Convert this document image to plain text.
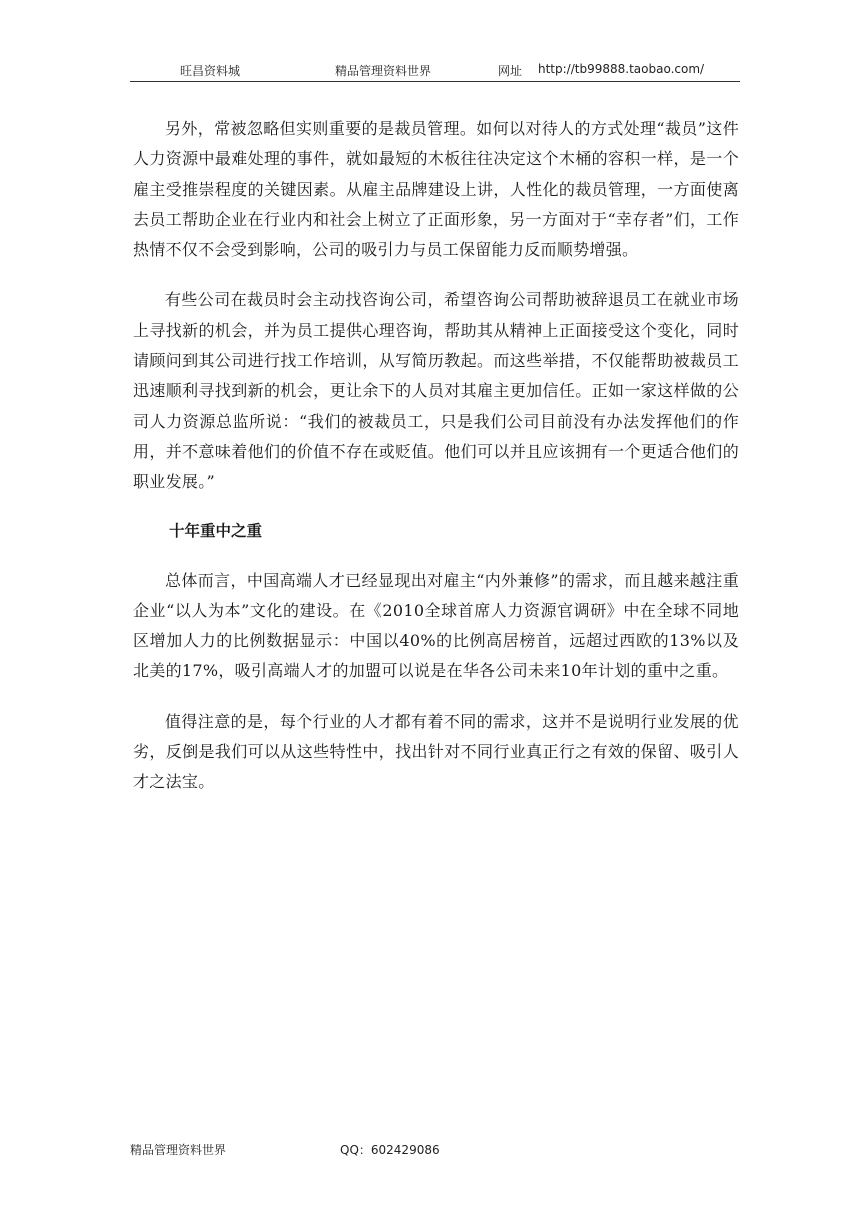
旺昌资料城	精品管理资料世界	网址 http://tb99888.taobao.com/

另外，常被忽略但实则重要的是裁员管理。如何以对待人的方式处理“裁员”这件人力资源中最难处理的事件，就如最短的木板往往决定这个木桶的容积一样，是一个雇主受推崇程度的关键因素。从雇主品牌建设上讲，人性化的裁员管理，一方面使离去员工帮助企业在行业内和社会上树立了正面形象，另一方面对于“幸存者”们，工作热情不仅不会受到影响，公司的吸引力与员工保留能力反而顺势增强。

有些公司在裁员时会主动找咨询公司，希望咨询公司帮助被辞退员工在就业市场上寻找新的机会，并为员工提供心理咨询，帮助其从精神上正面接受这个变化，同时请顾问到其公司进行找工作培训，从写简历教起。而这些举措，不仅能帮助被裁员工迅速顺利寻找到新的机会，更让余下的人员对其雇主更加信任。正如一家这样做的公司人力资源总监所说：“我们的被裁员工，只是我们公司目前没有办法发挥他们的作用，并不意味着他们的价值不存在或贬值。他们可以并且应该拥有一个更适合他们的职业发展。”

十年重中之重

总体而言，中国高端人才已经显现出对雇主“内外兼修”的需求，而且越来越注重企业“以人为本”文化的建设。在《2010全球首席人力资源官调研》中在全球不同地区增加人力的比例数据显示：中国以40%的比例高居榜首，远超过西欧的13%以及北美的17%，吸引高端人才的加盟可以说是在华各公司未来10年计划的重中之重。

值得注意的是，每个行业的人才都有着不同的需求，这并不是说明行业发展的优劣，反倒是我们可以从这些特性中，找出针对不同行业真正行之有效的保留、吸引人才之法宝。

精品管理资料世界	QQ：602429086
